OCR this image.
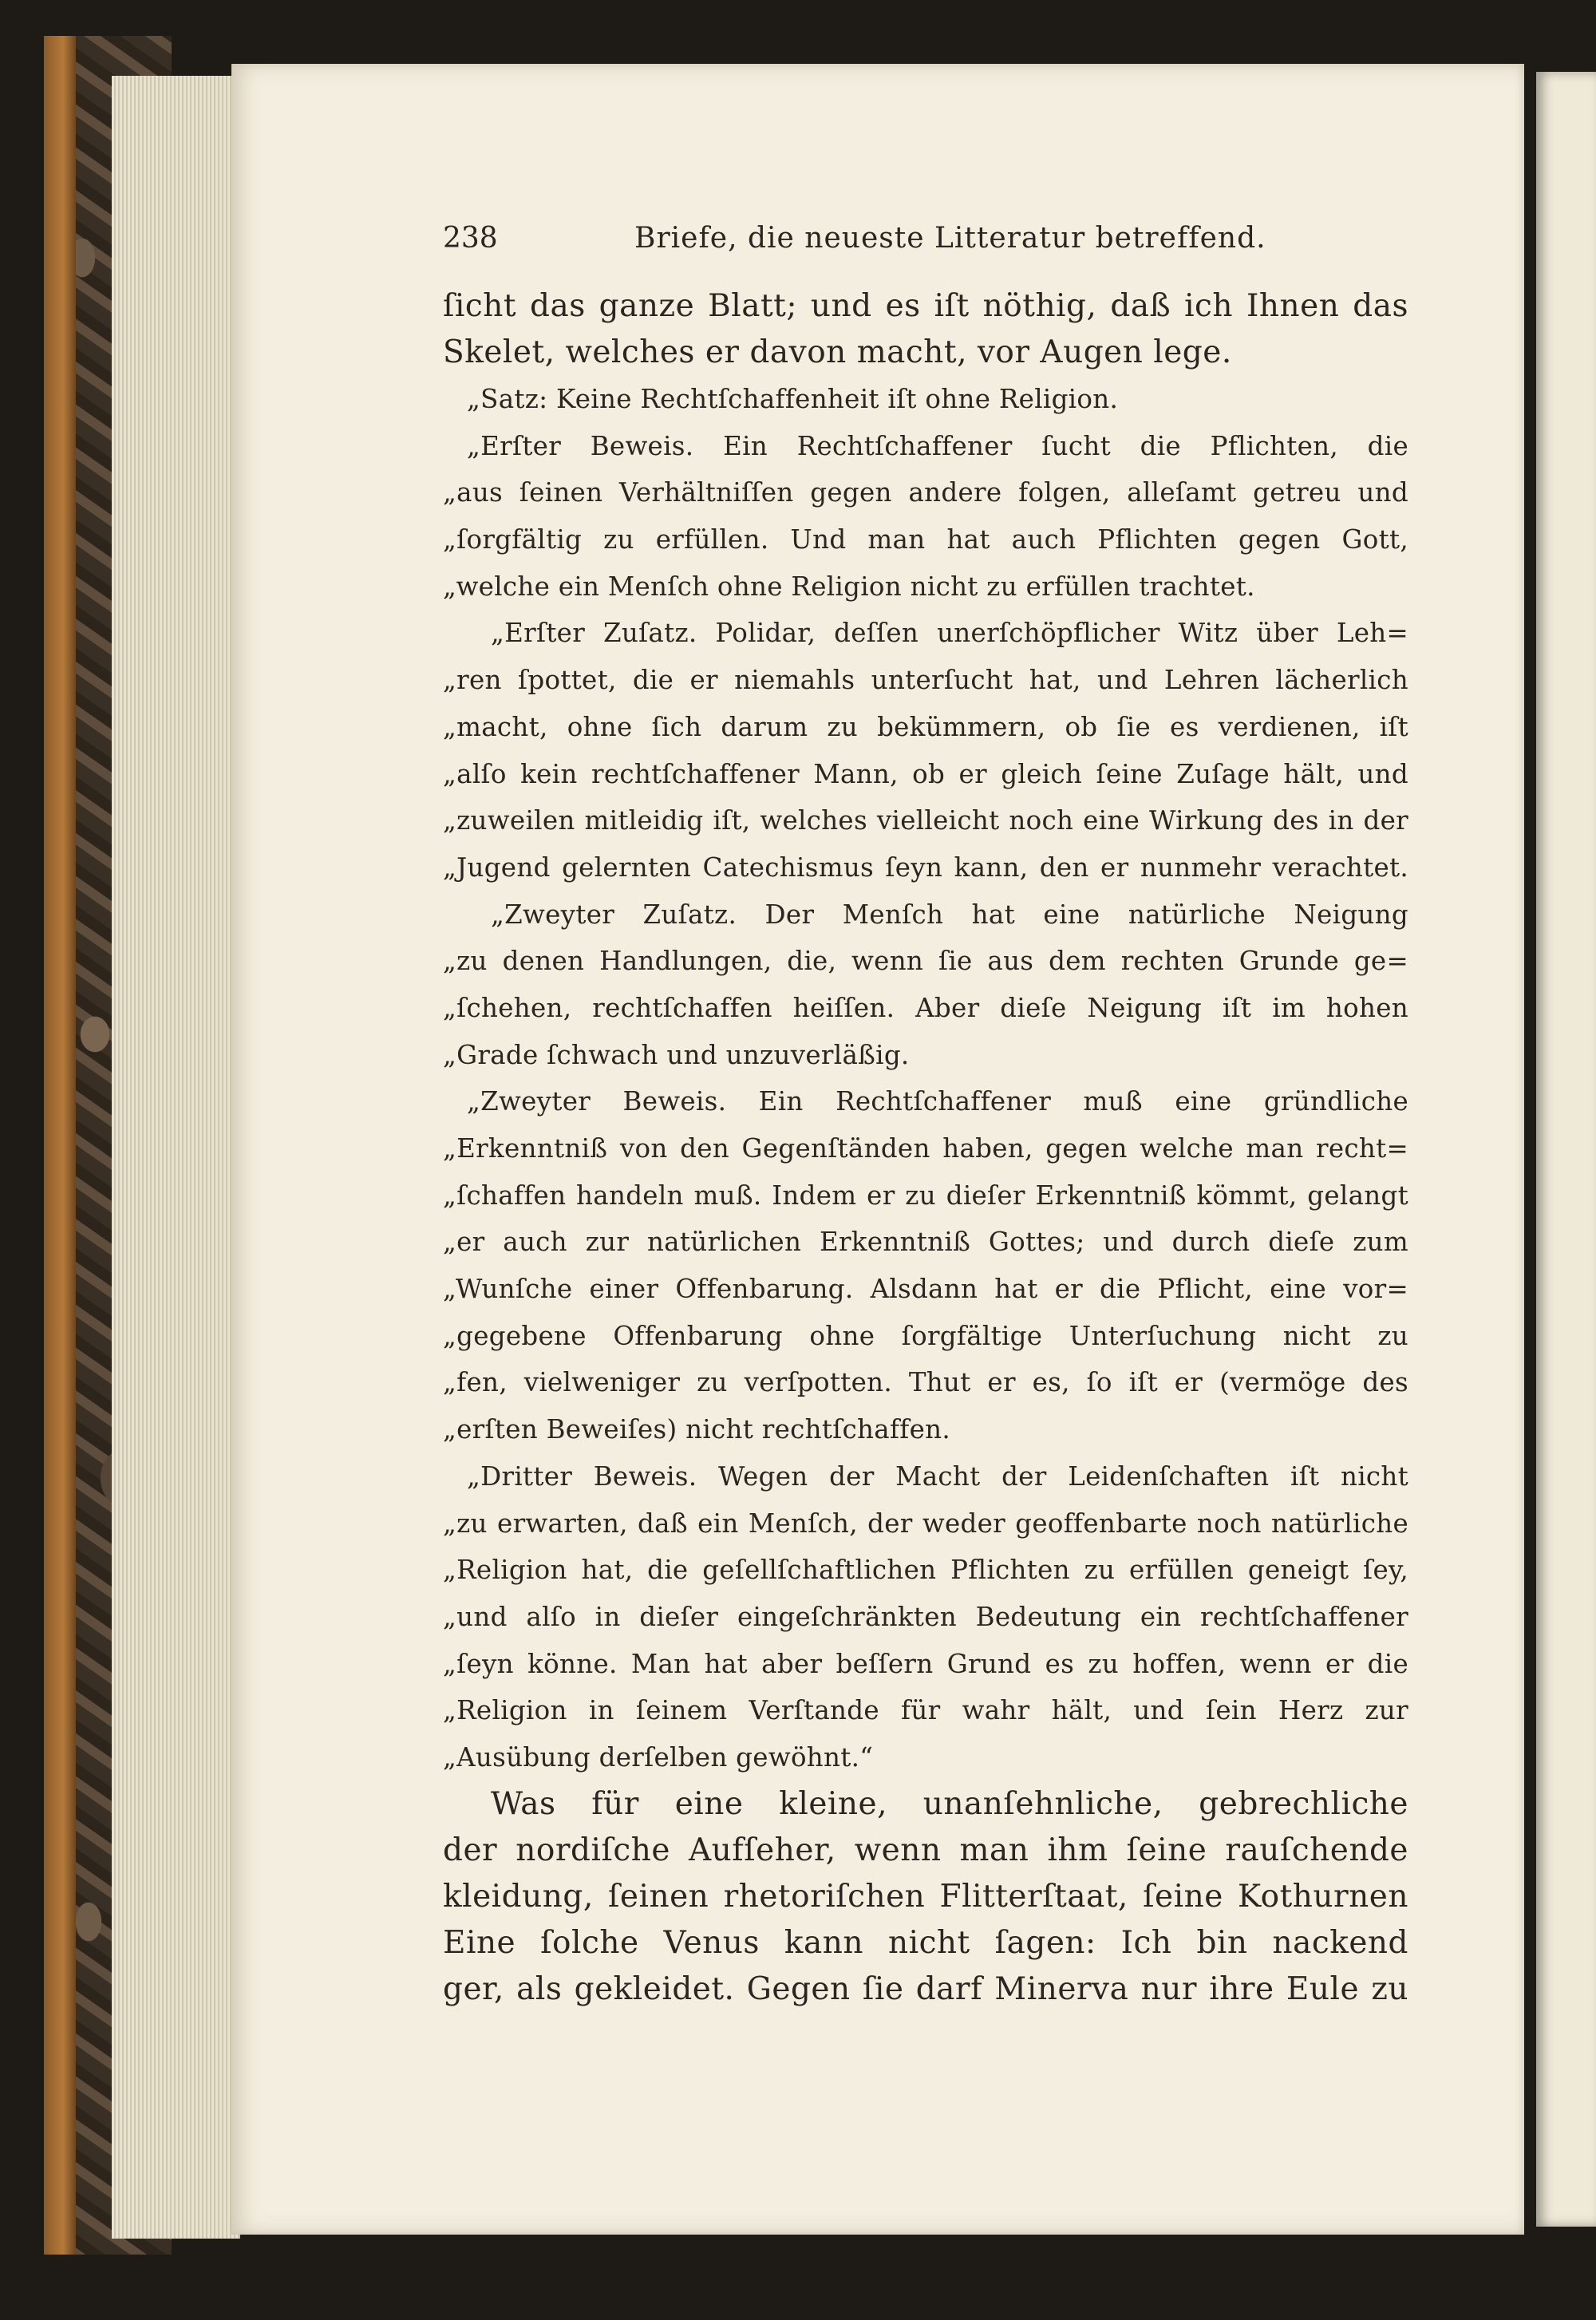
238	Briefe, die neueste Litteratur betreffend.
ſicht das ganze Blatt; und es iſt nöthig, daß ich Ihnen das
Skelet, welches er davon macht, vor Augen lege.
„Satz: Keine Rechtſchaffenheit iſt ohne Religion.
„Erſter Beweis. Ein Rechtſchaffener ſucht die Pflichten, die
„aus ſeinen Verhältniſſen gegen andere folgen, alleſamt getreu und
„ſorgfältig zu erfüllen. Und man hat auch Pflichten gegen Gott,
„welche ein Menſch ohne Religion nicht zu erfüllen trachtet.
„Erſter Zuſatz. Polidar, deſſen unerſchöpflicher Witz über Leh=
„ren ſpottet, die er niemahls unterſucht hat, und Lehren lächerlich
„macht, ohne ſich darum zu bekümmern, ob ſie es verdienen, iſt
„alſo kein rechtſchaffener Mann, ob er gleich ſeine Zuſage hält, und
„zuweilen mitleidig iſt, welches vielleicht noch eine Wirkung des in der
„Jugend gelernten Catechismus ſeyn kann, den er nunmehr verachtet.
„Zweyter Zuſatz. Der Menſch hat eine natürliche Neigung
„zu denen Handlungen, die, wenn ſie aus dem rechten Grunde ge=
„ſchehen, rechtſchaffen heiſſen. Aber dieſe Neigung iſt im hohen
„Grade ſchwach und unzuverläßig.
„Zweyter Beweis. Ein Rechtſchaffener muß eine gründliche
„Erkenntniß von den Gegenſtänden haben, gegen welche man recht=
„ſchaffen handeln muß. Indem er zu dieſer Erkenntniß kömmt, gelangt
„er auch zur natürlichen Erkenntniß Gottes; und durch dieſe zum
„Wunſche einer Offenbarung. Alsdann hat er die Pflicht, eine vor=
„gegebene Offenbarung ohne ſorgfältige Unterſuchung nicht zu
„fen, vielweniger zu verſpotten. Thut er es, ſo iſt er (vermöge des
„erſten Beweiſes) nicht rechtſchaffen.
„Dritter Beweis. Wegen der Macht der Leidenſchaften iſt nicht
„zu erwarten, daß ein Menſch, der weder geoffenbarte noch natürliche
„Religion hat, die geſellſchaftlichen Pflichten zu erfüllen geneigt ſey,
„und alſo in dieſer eingeſchränkten Bedeutung ein rechtſchaffener
„ſeyn könne. Man hat aber beſſern Grund es zu hoffen, wenn er die
„Religion in ſeinem Verſtande für wahr hält, und ſein Herz zur
„Ausübung derſelben gewöhnt.“
Was für eine kleine, unanſehnliche, gebrechliche
der nordiſche Aufſeher, wenn man ihm ſeine rauſchende
kleidung, ſeinen rhetoriſchen Flitterſtaat, ſeine Kothurnen
Eine ſolche Venus kann nicht ſagen: Ich bin nackend
ger, als gekleidet. Gegen ſie darf Minerva nur ihre Eule zu
